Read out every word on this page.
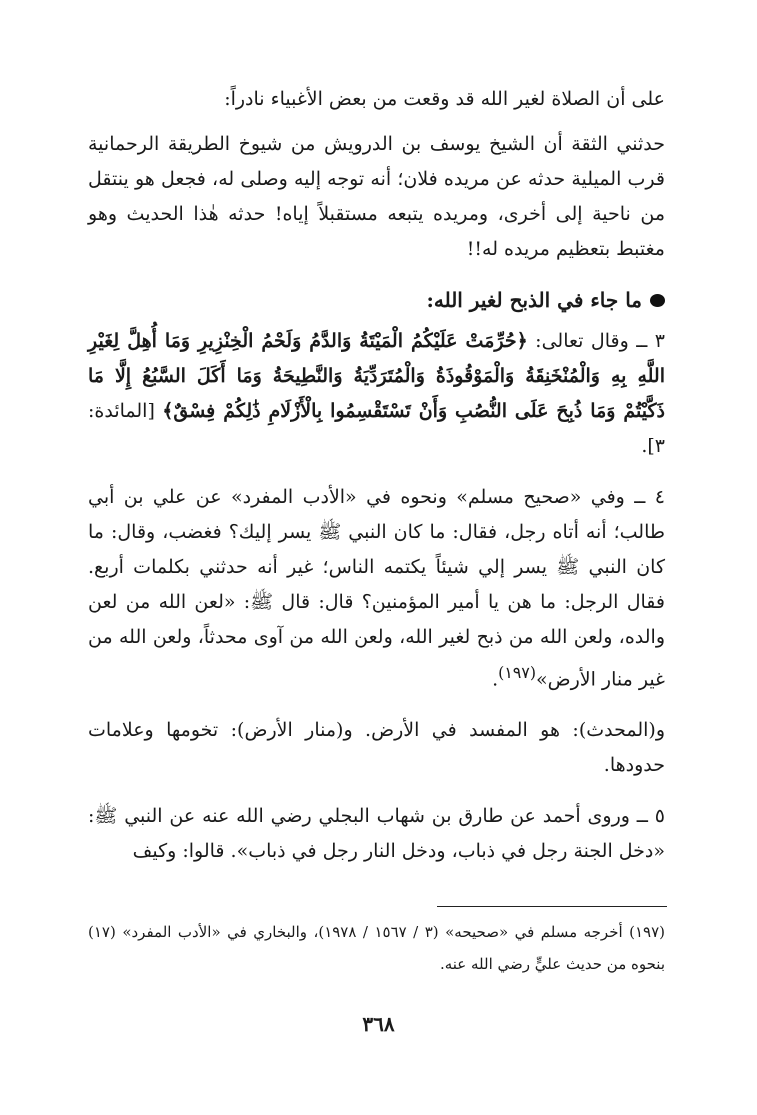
على أن الصلاة لغير الله قد وقعت من بعض الأغبياء نادراً:

حدثني الثقة أن الشيخ يوسف بن الدرويش من شيوخ الطريقة الرحمانية قرب الميلية حدثه عن مريده فلان؛ أنه توجه إليه وصلى له، فجعل هو ينتقل من ناحية إلى أخرى، ومريده يتبعه مستقبلاً إياه! حدثه هٰذا الحديث وهو مغتبط بتعظيم مريده له!!

ما جاء في الذبح لغير الله:

٣ ــ وقال تعالى: ﴿حُرِّمَتْ عَلَيْكُمُ الْمَيْتَةُ وَالدَّمُ وَلَحْمُ الْخِنْزِيرِ وَمَا أُهِلَّ لِغَيْرِ اللَّهِ بِهِ وَالْمُنْخَنِقَةُ وَالْمَوْقُوذَةُ وَالْمُتَرَدِّيَةُ وَالنَّطِيحَةُ وَمَا أَكَلَ السَّبُعُ إِلَّا مَا ذَكَّيْتُمْ وَمَا ذُبِحَ عَلَى النُّصُبِ وَأَنْ تَسْتَقْسِمُوا بِالْأَزْلَامِ ذَٰلِكُمْ فِسْقٌ﴾ [المائدة: ٣].

٤ ــ وفي «صحيح مسلم» ونحوه في «الأدب المفرد» عن علي بن أبي طالب؛ أنه أتاه رجل، فقال: ما كان النبي ﷺ يسر إليك؟ فغضب، وقال: ما كان النبي ﷺ يسر إلي شيئاً يكتمه الناس؛ غير أنه حدثني بكلمات أربع. فقال الرجل: ما هن يا أمير المؤمنين؟ قال: قال ﷺ: «لعن الله من لعن والده، ولعن الله من ذبح لغير الله، ولعن الله من آوى محدثاً، ولعن الله من غير منار الأرض»$^{(١٩٧)}$.

و(المحدث): هو المفسد في الأرض. و(منار الأرض): تخومها وعلامات حدودها.

٥ ــ وروى أحمد عن طارق بن شهاب البجلي رضي الله عنه عن النبي ﷺ: «دخل الجنة رجل في ذباب، ودخل النار رجل في ذباب». قالوا: وكيف

(١٩٧) أخرجه مسلم في «صحيحه» (٣ / ١٥٦٧ / ١٩٧٨)، والبخاري في «الأدب المفرد» (١٧) بنحوه من حديث عليٍّ رضي الله عنه.

٣٦٨
